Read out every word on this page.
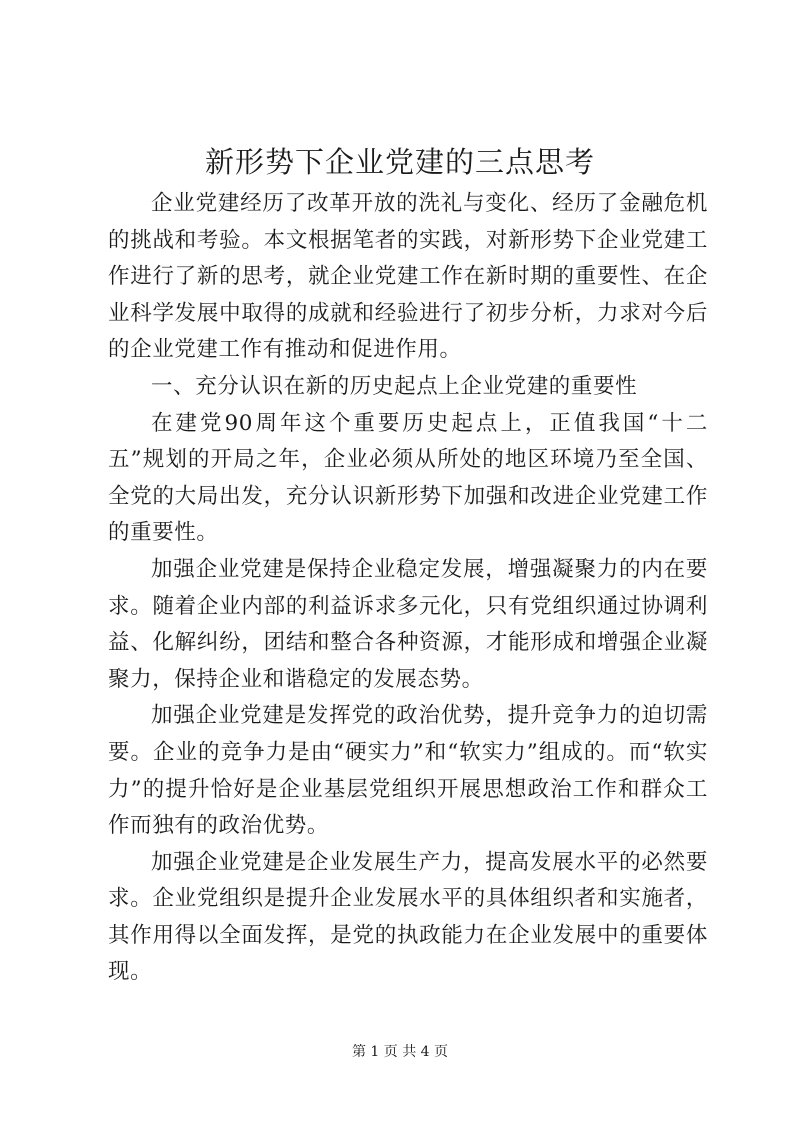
新形势下企业党建的三点思考

企业党建经历了改革开放的洗礼与变化、经历了金融危机的挑战和考验。本文根据笔者的实践，对新形势下企业党建工作进行了新的思考，就企业党建工作在新时期的重要性、在企业科学发展中取得的成就和经验进行了初步分析，力求对今后的企业党建工作有推动和促进作用。

一、充分认识在新的历史起点上企业党建的重要性

在建党90周年这个重要历史起点上，正值我国“十二五”规划的开局之年，企业必须从所处的地区环境乃至全国、全党的大局出发，充分认识新形势下加强和改进企业党建工作的重要性。

加强企业党建是保持企业稳定发展，增强凝聚力的内在要求。随着企业内部的利益诉求多元化，只有党组织通过协调利益、化解纠纷，团结和整合各种资源，才能形成和增强企业凝聚力，保持企业和谐稳定的发展态势。

加强企业党建是发挥党的政治优势，提升竞争力的迫切需要。企业的竞争力是由“硬实力”和“软实力”组成的。而“软实力”的提升恰好是企业基层党组织开展思想政治工作和群众工作而独有的政治优势。

加强企业党建是企业发展生产力，提高发展水平的必然要求。企业党组织是提升企业发展水平的具体组织者和实施者，其作用得以全面发挥，是党的执政能力在企业发展中的重要体现。

第 1 页 共 4 页
